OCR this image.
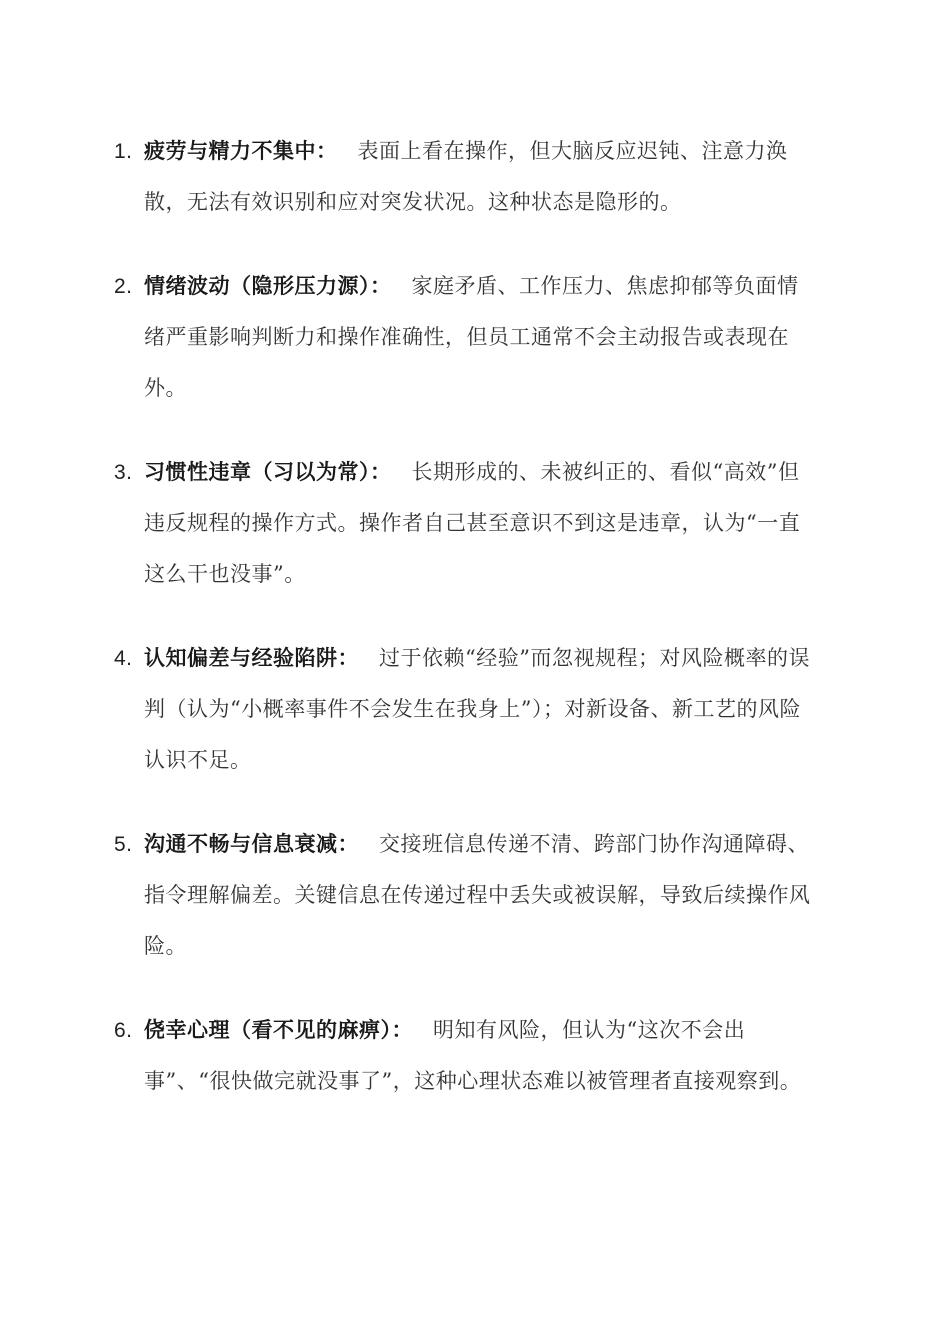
1. 疲劳与精力不集中： 表面上看在操作，但大脑反应迟钝、注意力涣散，无法有效识别和应对突发状况。这种状态是隐形的。
2. 情绪波动（隐形压力源）： 家庭矛盾、工作压力、焦虑抑郁等负面情绪严重影响判断力和操作准确性，但员工通常不会主动报告或表现在外。
3. 习惯性违章（习以为常）： 长期形成的、未被纠正的、看似“高效”但违反规程的操作方式。操作者自己甚至意识不到这是违章，认为“一直这么干也没事”。
4. 认知偏差与经验陷阱： 过于依赖“经验”而忽视规程；对风险概率的误判（认为“小概率事件不会发生在我身上”）；对新设备、新工艺的风险认识不足。
5. 沟通不畅与信息衰减： 交接班信息传递不清、跨部门协作沟通障碍、指令理解偏差。关键信息在传递过程中丢失或被误解，导致后续操作风险。
6. 侥幸心理（看不见的麻痹）： 明知有风险，但认为“这次不会出事”、“很快做完就没事了”，这种心理状态难以被管理者直接观察到。
